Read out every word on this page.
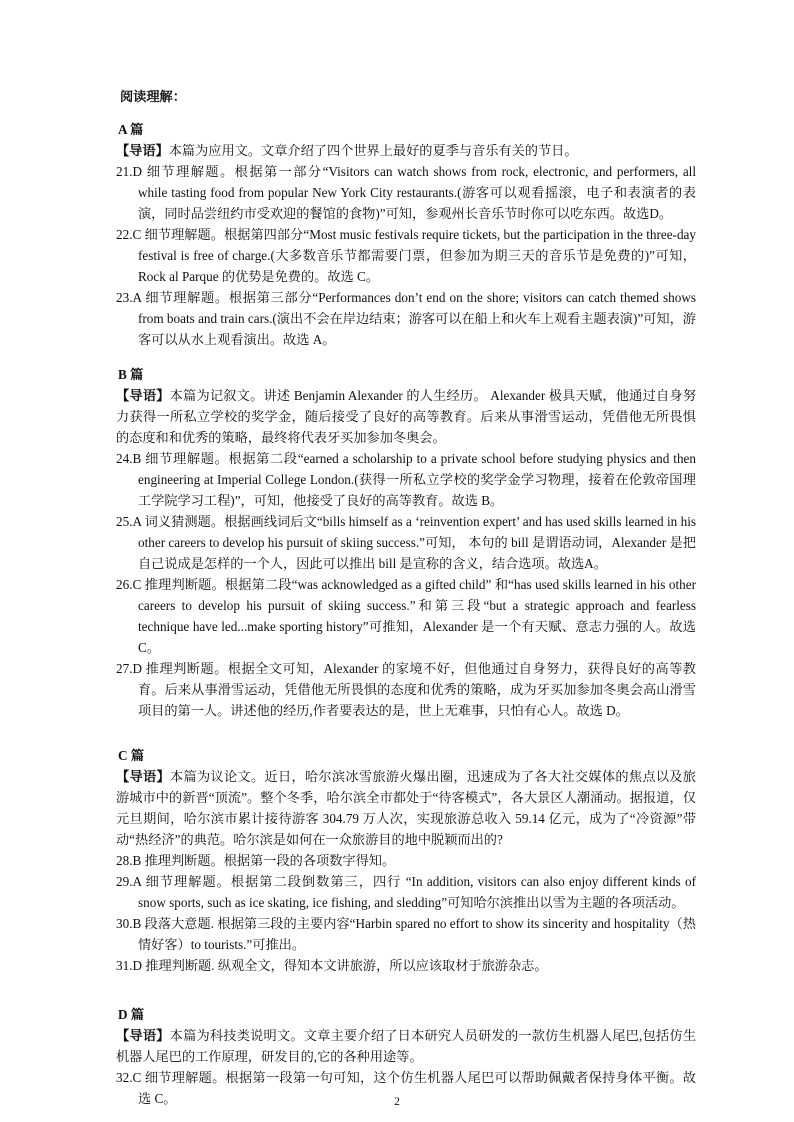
阅读理解：
A 篇
【导语】本篇为应用文。文章介绍了四个世界上最好的夏季与音乐有关的节日。
21.D 细节理解题。根据第一部分“Visitors can watch shows from rock, electronic, and performers, all while tasting food from popular New York City restaurants.(游客可以观看摇滚，电子和表演者的表演，同时品尝纽约市受欢迎的餐馆的食物)”可知，参观州长音乐节时你可以吃东西。故选D。
22.C 细节理解题。根据第四部分“Most music festivals require tickets, but the participation in the three-day festival is free of charge.(大多数音乐节都需要门票，但参加为期三天的音乐节是免费的)”可知，Rock al Parque 的优势是免费的。故选 C。
23.A 细节理解题。根据第三部分“Performances don’t end on the shore; visitors can catch themed shows from boats and train cars.(演出不会在岸边结束；游客可以在船上和火车上观看主题表演)”可知，游客可以从水上观看演出。故选 A。
B 篇
【导语】本篇为记叙文。讲述 Benjamin Alexander 的人生经历。 Alexander 极具天赋，他通过自身努力获得一所私立学校的奖学金，随后接受了良好的高等教育。后来从事滑雪运动，凭借他无所畏惧的态度和和优秀的策略，最终将代表牙买加参加冬奥会。
24.B 细节理解题。根据第二段“earned a scholarship to a private school before studying physics and then engineering at Imperial College London.(获得一所私立学校的奖学金学习物理，接着在伦敦帝国理工学院学习工程)”，可知，他接受了良好的高等教育。故选 B。
25.A 词义猜测题。根据画线词后文“bills himself as a ‘reinvention expert’ and has used skills learned in his other careers to develop his pursuit of skiing success.”可知， 本句的 bill 是谓语动词，Alexander 是把自己说成是怎样的一个人，因此可以推出 bill 是宣称的含义，结合选项。故选A。
26.C 推理判断题。根据第二段“was acknowledged as a gifted child” 和“has used skills learned in his other careers to develop his pursuit of skiing success.”和第三段“but a strategic approach and fearless technique have led...make sporting history”可推知，Alexander 是一个有天赋、意志力强的人。故选 C。
27.D 推理判断题。根据全文可知，Alexander 的家境不好，但他通过自身努力，获得良好的高等教育。后来从事滑雪运动，凭借他无所畏惧的态度和优秀的策略，成为牙买加参加冬奥会高山滑雪项目的第一人。讲述他的经历,作者要表达的是，世上无难事，只怕有心人。故选 D。
C 篇
【导语】本篇为议论文。近日，哈尔滨冰雪旅游火爆出圈，迅速成为了各大社交媒体的焦点以及旅游城市中的新晋“顶流”。整个冬季，哈尔滨全市都处于“待客模式”，各大景区人潮涌动。据报道，仅元旦期间，哈尔滨市累计接待游客 304.79 万人次，实现旅游总收入 59.14 亿元，成为了“冷资源”带动“热经济”的典范。哈尔滨是如何在一众旅游目的地中脱颖而出的?
28.B 推理判断题。根据第一段的各项数字得知。
29.A 细节理解题。根据第二段倒数第三，四行 “In addition, visitors can also enjoy different kinds of snow sports, such as ice skating, ice fishing, and sledding”可知哈尔滨推出以雪为主题的各项活动。
30.B 段落大意题. 根据第三段的主要内容“Harbin spared no effort to show its sincerity and hospitality（热情好客）to tourists.”可推出。
31.D 推理判断题. 纵观全文，得知本文讲旅游，所以应该取材于旅游杂志。
D 篇
【导语】本篇为科技类说明文。文章主要介绍了日本研究人员研发的一款仿生机器人尾巴,包括仿生机器人尾巴的工作原理，研发目的,它的各种用途等。
32.C 细节理解题。根据第一段第一句可知，这个仿生机器人尾巴可以帮助佩戴者保持身体平衡。故选 C。	2
